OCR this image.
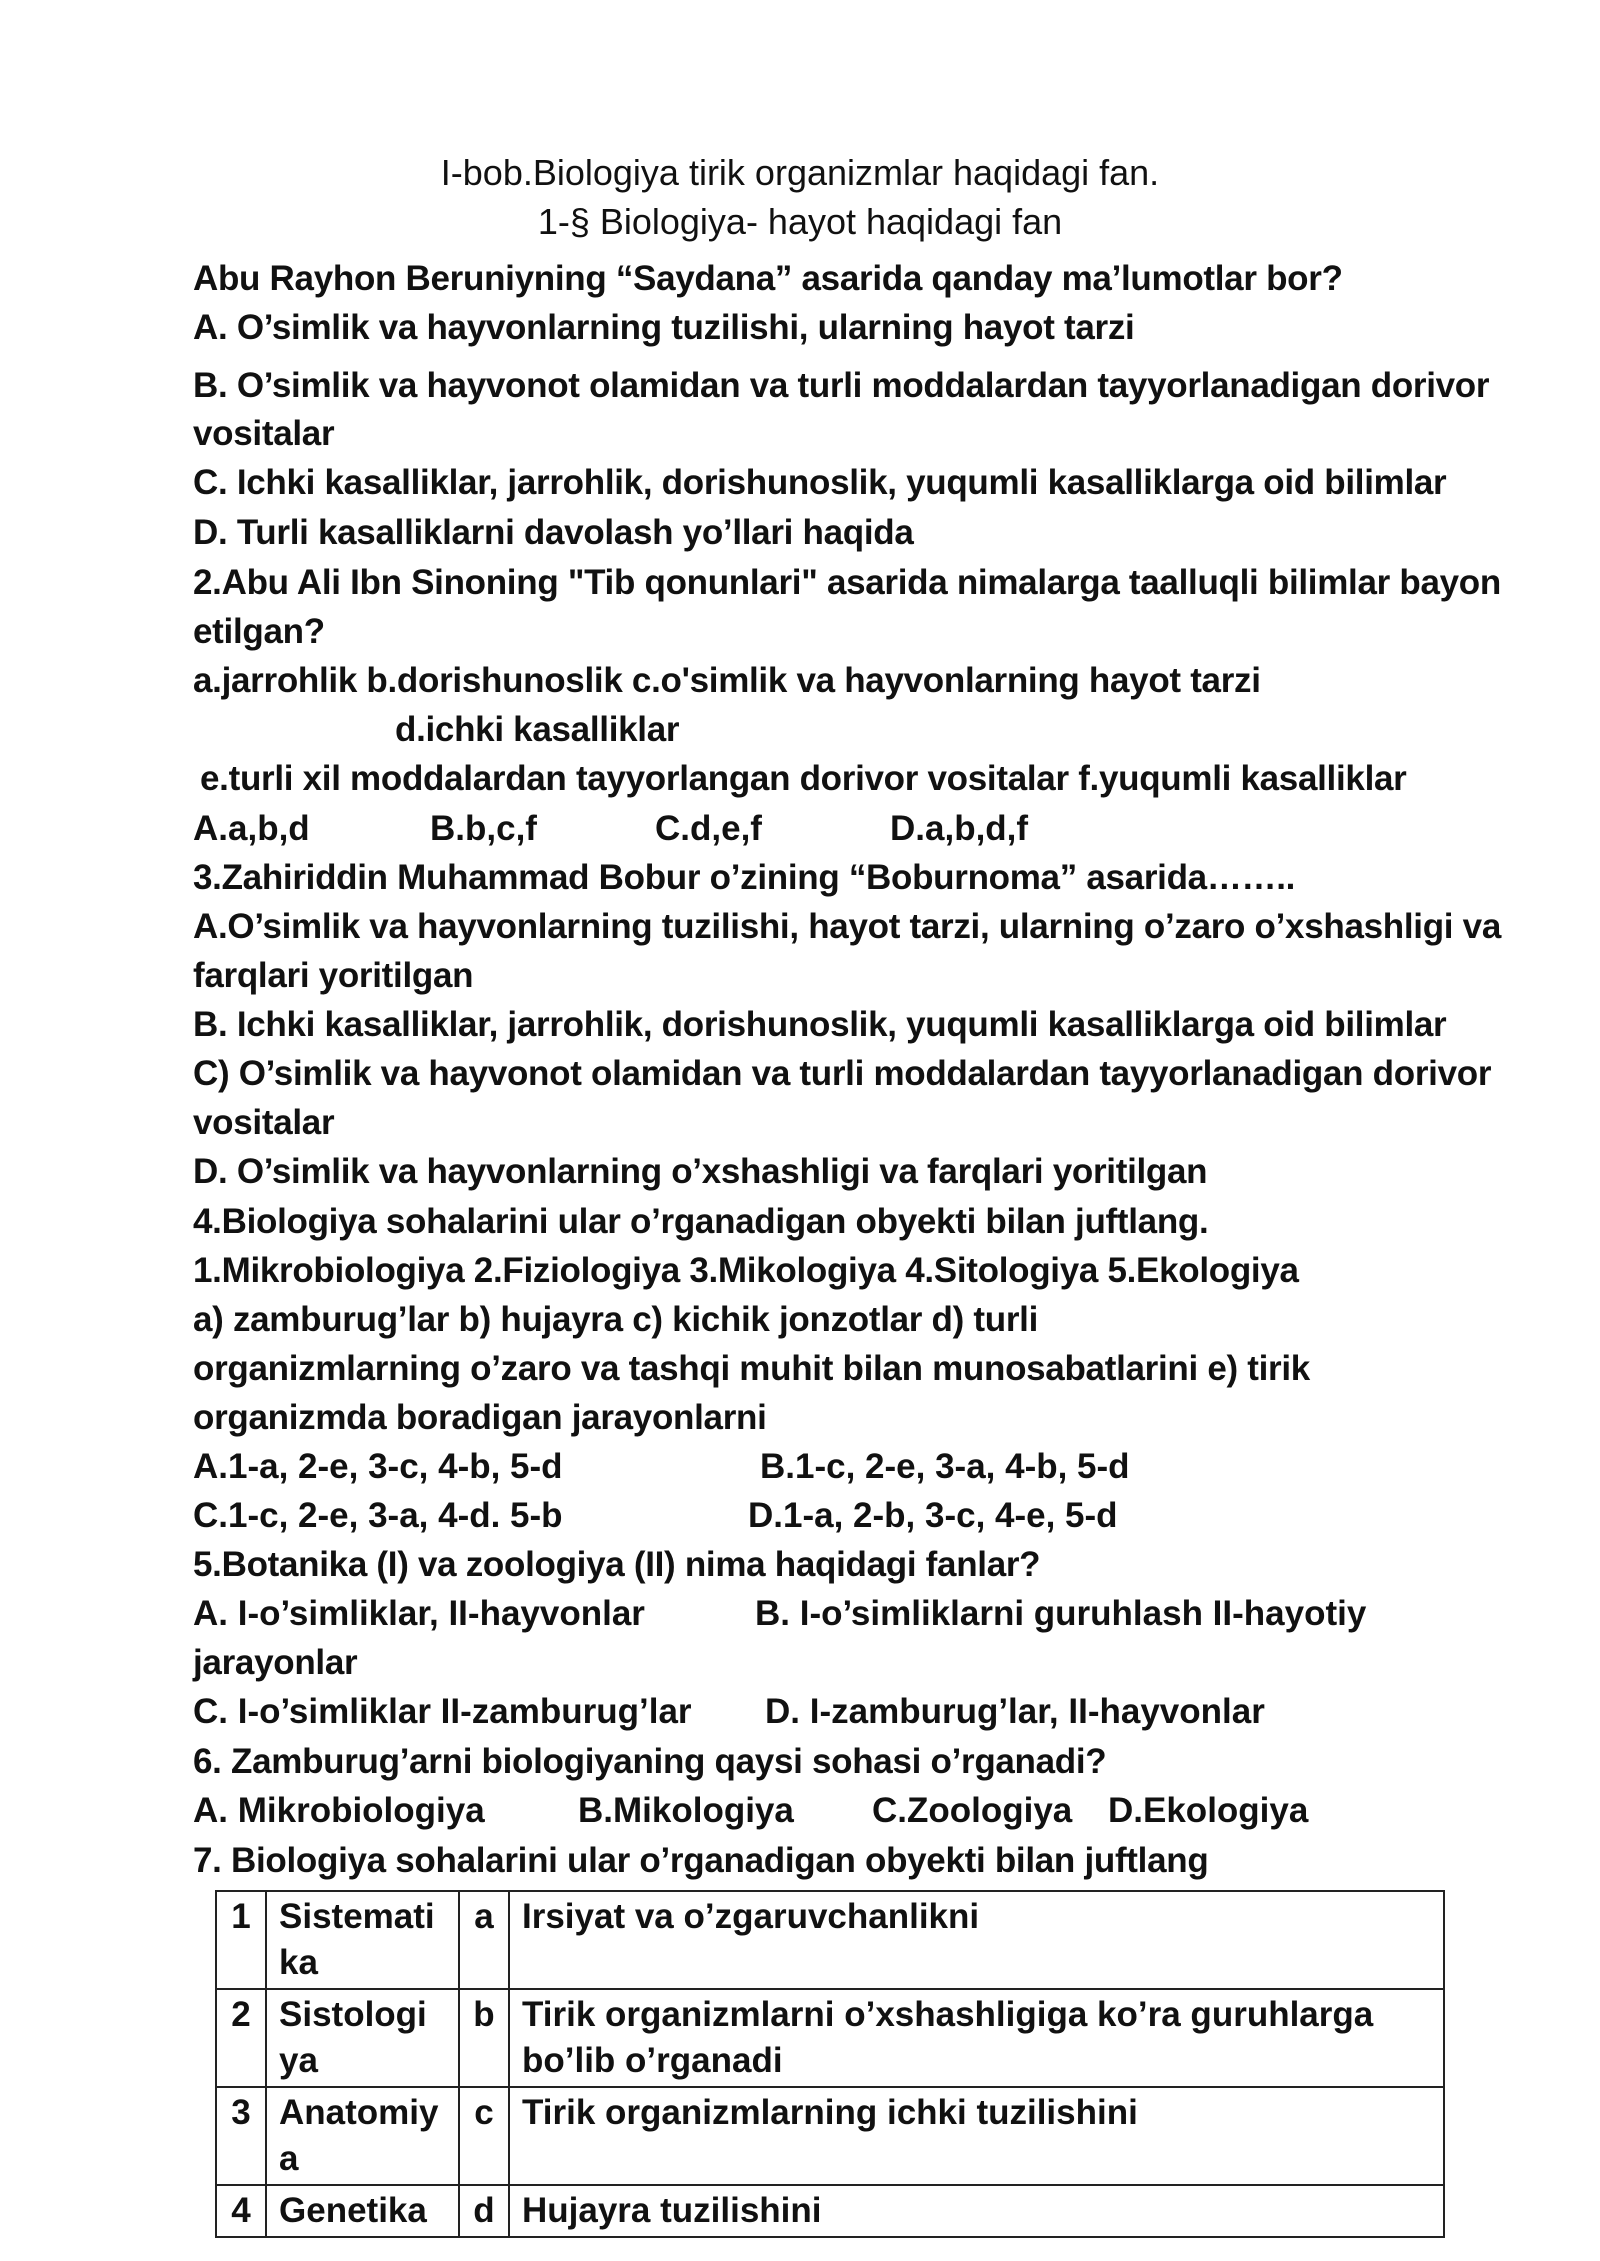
I-bob.Biologiya tirik organizmlar haqidagi fan.
1-§ Biologiya- hayot haqidagi fan
Abu Rayhon Beruniyning “Saydana” asarida qanday ma’lumotlar bor?
A. O’simlik va hayvonlarning tuzilishi, ularning hayot tarzi
B. O’simlik va hayvonot olamidan va turli moddalardan tayyorlanadigan dorivor
vositalar
C. Ichki kasalliklar, jarrohlik, dorishunoslik, yuqumli kasalliklarga oid bilimlar
D. Turli kasalliklarni davolash yo’llari haqida
2.Abu Ali Ibn Sinoning "Tib qonunlari" asarida nimalarga taalluqli bilimlar bayon
etilgan?
a.jarrohlik b.dorishunoslik c.o'simlik va hayvonlarning hayot tarzi
d.ichki kasalliklar
e.turli xil moddalardan tayyorlangan dorivor vositalar f.yuqumli kasalliklar
A.a,b,d	B.b,c,f	C.d,e,f	D.a,b,d,f
3.Zahiriddin Muhammad Bobur o’zining “Boburnoma” asarida……..
A.O’simlik va hayvonlarning tuzilishi, hayot tarzi, ularning o’zaro o’xshashligi va
farqlari yoritilgan
B. Ichki kasalliklar, jarrohlik, dorishunoslik, yuqumli kasalliklarga oid bilimlar
C) O’simlik va hayvonot olamidan va turli moddalardan tayyorlanadigan dorivor
vositalar
D. O’simlik va hayvonlarning o’xshashligi va farqlari yoritilgan
4.Biologiya sohalarini ular o’rganadigan obyekti bilan juftlang.
1.Mikrobiologiya 2.Fiziologiya 3.Mikologiya 4.Sitologiya 5.Ekologiya
a) zamburug’lar b) hujayra c) kichik jonzotlar d) turli
organizmlarning o’zaro va tashqi muhit bilan munosabatlarini e) tirik
organizmda boradigan jarayonlarni
A.1-a, 2-e, 3-c, 4-b, 5-d	B.1-c, 2-e, 3-a, 4-b, 5-d
C.1-c, 2-e, 3-a, 4-d. 5-b	D.1-a, 2-b, 3-c, 4-e, 5-d
5.Botanika (I) va zoologiya (II) nima haqidagi fanlar?
A. I-o’simliklar, II-hayvonlar	B. I-o’simliklarni guruhlash II-hayotiy
jarayonlar
C. I-o’simliklar II-zamburug’lar D. I-zamburug’lar, II-hayvonlar
6. Zamburug’arni biologiyaning qaysi sohasi o’rganadi?
A. Mikrobiologiya	B.Mikologiya C.Zoologiya D.Ekologiya
7. Biologiya sohalarini ular o’rganadigan obyekti bilan juftlang
1	Sistematika	a	Irsiyat va o’zgaruvchanlikni
2	Sistologiya	b	Tirik organizmlarni o’xshashligiga ko’ra guruhlarga bo’lib o’rganadi
3	Anatomiya	c	Tirik organizmlarning ichki tuzilishini
4	Genetika	d	Hujayra tuzilishini
